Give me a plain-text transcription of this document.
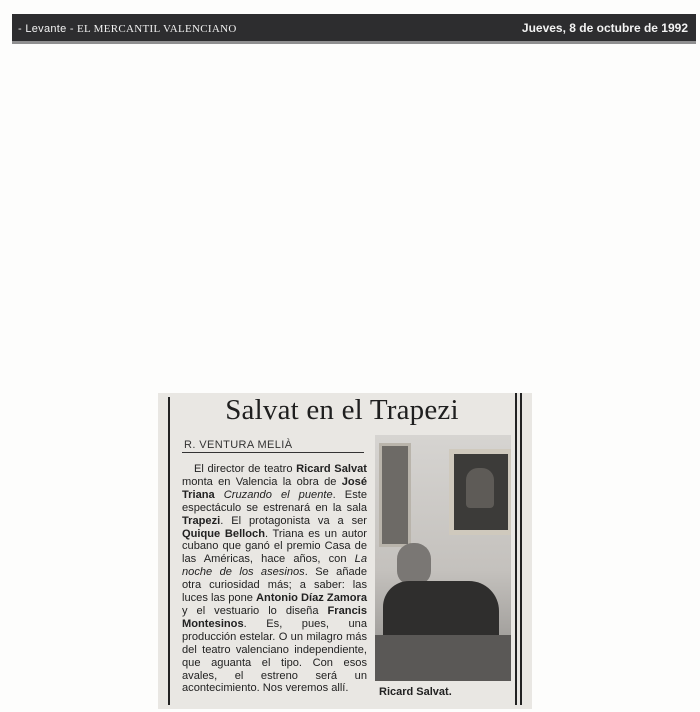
- Levante - EL MERCANTIL VALENCIANO	Jueves, 8 de octubre de 1992
Salvat en el Trapezi
R. VENTURA MELIÀ

El director de teatro Ricard Salvat monta en Valencia la obra de José Triana Cruzando el puente. Este espectáculo se estrenará en la sala Trapezi. El protagonista va a ser Quique Belloch. Triana es un autor cubano que ganó el premio Casa de las Américas, hace años, con La noche de los asesinos. Se añade otra curiosidad más; a saber: las luces las pone Antonio Díaz Zamora y el vestuario lo diseña Francis Montesinos. Es, pues, una producción estelar. O un milagro más del teatro valenciano independiente, que aguanta el tipo. Con esos avales, el estreno será un acontecimiento. Nos veremos allí.	Ricard Salvat.
